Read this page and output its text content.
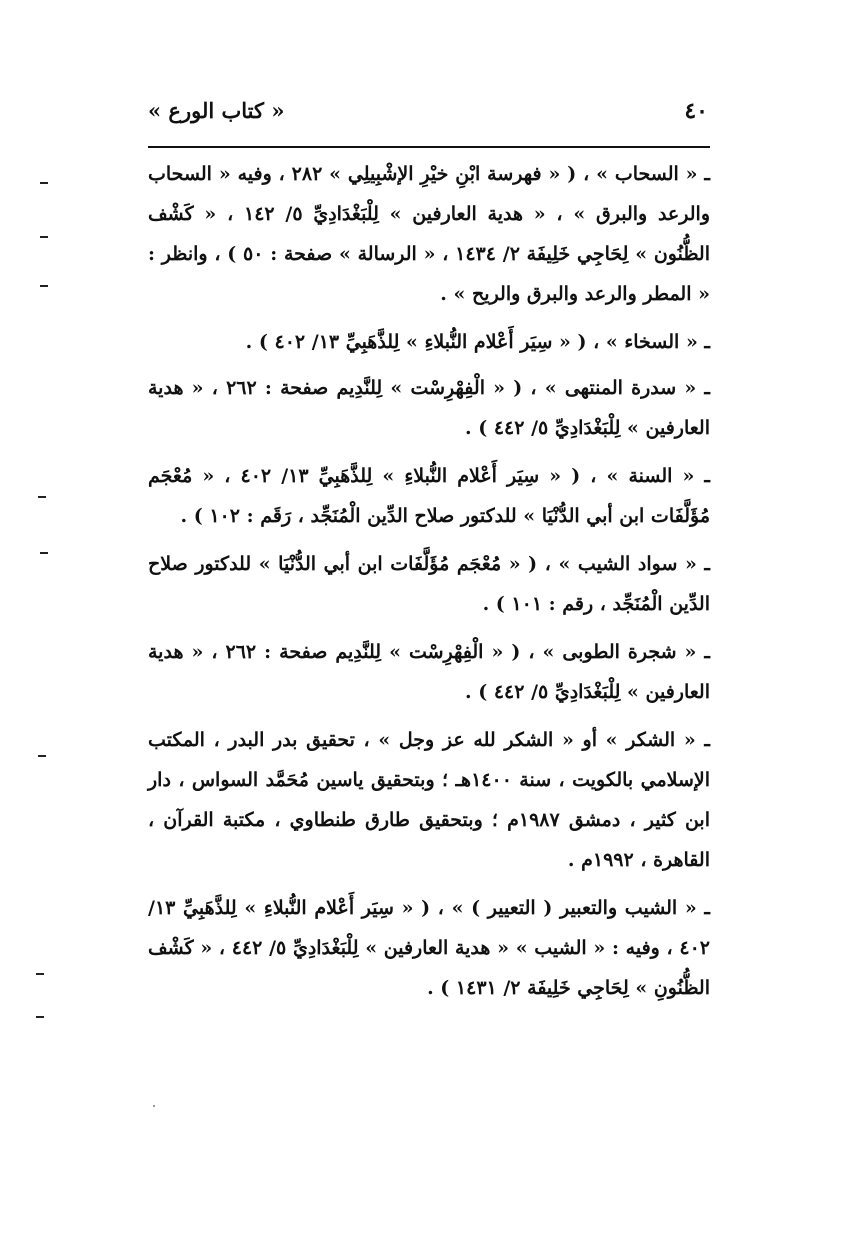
٤٠
« كتاب الورع »

ـ « السحاب » ، ( « فهرسة ابْنِ خيْرِ الإشْبِيلِي » ٢٨٢ ، وفيه « السحاب والرعد والبرق » ، « هدية العارفين » لِلْبَغْدَادِيِّ ٥/ ١٤٢ ، « كَشْف الظُّنُون » لِحَاجِي خَلِيفَة ٢/ ١٤٣٤ ، « الرسالة » صفحة : ٥٠ ) ، وانظر : « المطر والرعد والبرق والريح » .

ـ « السخاء » ، ( « سِيَر أَعْلام النُّبلاءِ » لِلذَّهَبِيِّ ١٣/ ٤٠٢ ) .

ـ « سدرة المنتهى » ، ( « الْفِهْرِسْت » لِلنَّدِيم صفحة : ٢٦٢ ، « هدية العارفين » لِلْبَغْدَادِيِّ ٥/ ٤٤٢ ) .

ـ « السنة » ، ( « سِيَر أَعْلام النُّبلاءِ » لِلذَّهَبِيِّ ١٣/ ٤٠٢ ، « مُعْجَم مُؤَلَّفَات ابن أبي الدُّنْيَا » للدكتور صلاح الدِّين الْمُنَجِّد ، رَقَم : ١٠٢ ) .

ـ « سواد الشيب » ، ( « مُعْجَم مُؤَلَّفَات ابن أبي الدُّنْيَا » للدكتور صلاح الدِّين الْمُنَجِّد ، رقم : ١٠١ ) .

ـ « شجرة الطوبى » ، ( « الْفِهْرِسْت » لِلنَّدِيم صفحة : ٢٦٢ ، « هدية العارفين » لِلْبَغْدَادِيِّ ٥/ ٤٤٢ ) .

ـ « الشكر » أو « الشكر لله عز وجل » ، تحقيق بدر البدر ، المكتب الإسلامي بالكويت ، سنة ١٤٠٠هـ ؛ وبتحقيق ياسين مُحَمَّد السواس ، دار ابن كثير ، دمشق ١٩٨٧م ؛ وبتحقيق طارق طنطاوي ، مكتبة القرآن ، القاهرة ، ١٩٩٢م .

ـ « الشيب والتعبير ( التعيير ) » ، ( « سِيَر أَعْلام النُّبلاءِ » لِلذَّهَبِيِّ ١٣/ ٤٠٢ ، وفيه : « الشيب » « هدية العارفين » لِلْبَغْدَادِيِّ ٥/ ٤٤٢ ، « كَشْف الظُّنُونِ » لِحَاجِي خَلِيفَة ٢/ ١٤٣١ ) .
